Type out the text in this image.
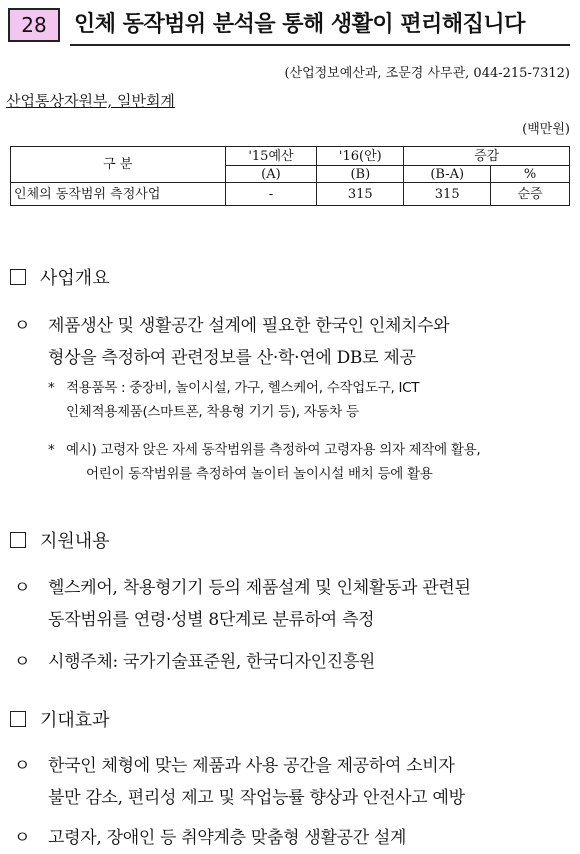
28	인체 동작범위 분석을 통해 생활이 편리해집니다
(산업정보예산과, 조문경 사무관, 044-215-7312)
산업통상자원부, 일반회계
(백만원)
구 분	'15예산	'16(안)	증감	
	(A)	(B)	(B-A)	%
인체의 동작범위 측정사업	-	315	315	순증
사업개요
ㅇ 제품생산 및 생활공간 설계에 필요한 한국인 인체치수와
형상을 측정하여 관련정보를 산·학·연에 DB로 제공
* 적용품목 : 중장비, 놀이시설, 가구, 헬스케어, 수작업도구, ICT
인체적용제품(스마트폰, 착용형 기기 등), 자동차 등
* 예시) 고령자 앉은 자세 동작범위를 측정하여 고령자용 의자 제작에 활용,
어린이 동작범위를 측정하여 놀이터 놀이시설 배치 등에 활용
지원내용
ㅇ 헬스케어, 착용형기기 등의 제품설계 및 인체활동과 관련된
동작범위를 연령·성별 8단계로 분류하여 측정
ㅇ 시행주체: 국가기술표준원, 한국디자인진흥원
기대효과
ㅇ 한국인 체형에 맞는 제품과 사용 공간을 제공하여 소비자
불만 감소, 편리성 제고 및 작업능률 향상과 안전사고 예방
ㅇ 고령자, 장애인 등 취약계층 맞춤형 생활공간 설계
